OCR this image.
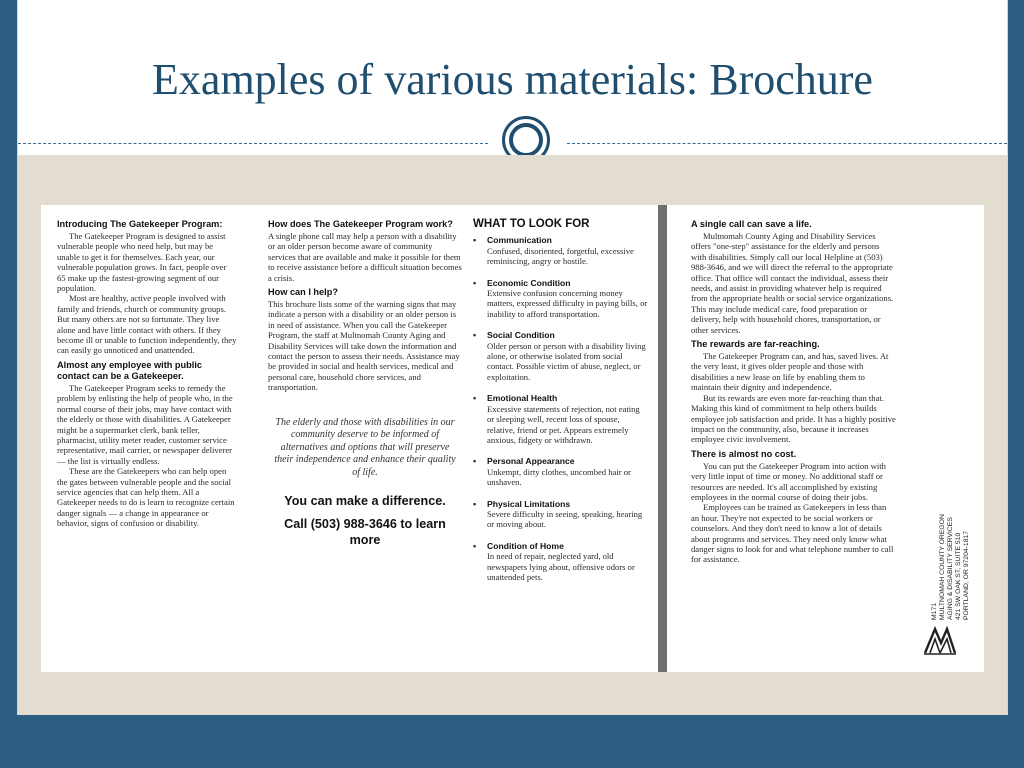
Examples of various materials: Brochure
Introducing The Gatekeeper Program:

The Gatekeeper Program is designed to assist vulnerable people who need help, but may be unable to get it for themselves. Each year, our vulnerable population grows. In fact, people over 65 make up the fastest-growing segment of our population.

Most are healthy, active people involved with family and friends, church or community groups. But many others are not so fortunate. They live alone and have little contact with others. If they become ill or unable to function independently, they can easily go unnoticed and unattended.

Almost any employee with public contact can be a Gatekeeper.

The Gatekeeper Program seeks to remedy the problem by enlisting the help of people who, in the normal course of their jobs, may have contact with the elderly or those with disabilities. A Gatekeeper might be a supermarket clerk, bank teller, pharmacist, utility meter reader, customer service representative, mail carrier, or newspaper deliverer — the list is virtually endless.

These are the Gatekeepers who can help open the gates between vulnerable people and the social service agencies that can help them. All a Gatekeeper needs to do is learn to recognize certain danger signals — a change in appearance or behavior, signs of confusion or disability.

How does The Gatekeeper Program work?

A single phone call may help a person with a disability or an older person become aware of community services that are available and make it possible for them to receive assistance before a difficult situation becomes a crisis.

How can I help?

This brochure lists some of the warning signs that may indicate a person with a disability or an older person is in need of assistance. When you call the Gatekeeper Program, the staff at Multnomah County Aging and Disability Services will take down the information and contact the person to assess their needs. Assistance may be provided in social and health services, medical and personal care, household chore services, and transportation.

The elderly and those with disabilities in our community deserve to be informed of alternatives and options that will preserve their independence and enhance their quality of life.
You can make a difference.
Call (503) 988-3646 to learn more
WHAT TO LOOK FOR
• Communication
Confused, disoriented, forgetful, excessive reminiscing, angry or hostile.
• Economic Condition
Extensive confusion concerning money matters, expressed difficulty in paying bills, or inability to afford transportation.
• Social Condition
Older person or person with a disability living alone, or otherwise isolated from social contact. Possible victim of abuse, neglect, or exploitation.
• Emotional Health
Excessive statements of rejection, not eating or sleeping well, recent loss of spouse, relative, friend or pet. Appears extremely anxious, fidgety or withdrawn.
• Personal Appearance
Unkempt, dirty clothes, uncombed hair or unshaven.
• Physical Limitations
Severe difficulty in seeing, speaking, hearing or moving about.
• Condition of Home
In need of repair, neglected yard, old newspapers lying about, offensive odors or unattended pets.
A single call can save a life.

Multnomah County Aging and Disability Services offers "one-step" assistance for the elderly and persons with disabilities. Simply call our local Helpline at (503) 988-3646, and we will direct the referral to the appropriate office. That office will contact the individual, assess their needs, and assist in providing whatever help is required from the appropriate health or social service organizations. This may include medical care, food preparation or delivery, help with household chores, transportation, or other services.

The rewards are far-reaching.

The Gatekeeper Program can, and has, saved lives. At the very least, it gives older people and those with disabilities a new lease on life by enabling them to maintain their dignity and independence.

But its rewards are even more far-reaching than that. Making this kind of commitment to help others builds employee job satisfaction and pride. It has a highly positive impact on the community, also, because it increases employee civic involvement.

There is almost no cost.

You can put the Gatekeeper Program into action with very little input of time or money. No additional staff or resources are needed. It's all accomplished by existing employees in the normal course of doing their jobs.

Employees can be trained as Gatekeepers in less than an hour. They're not expected to be social workers or counselors. And they don't need to know a lot of details about programs and services. They need only know what danger signs to look for and what telephone number to call for assistance.

M171 MULTNOMAH COUNTY OREGON AGING & DISABILITY SERVICES 421 SW OAK ST, SUITE 510 PORTLAND, OR 97204-1817
